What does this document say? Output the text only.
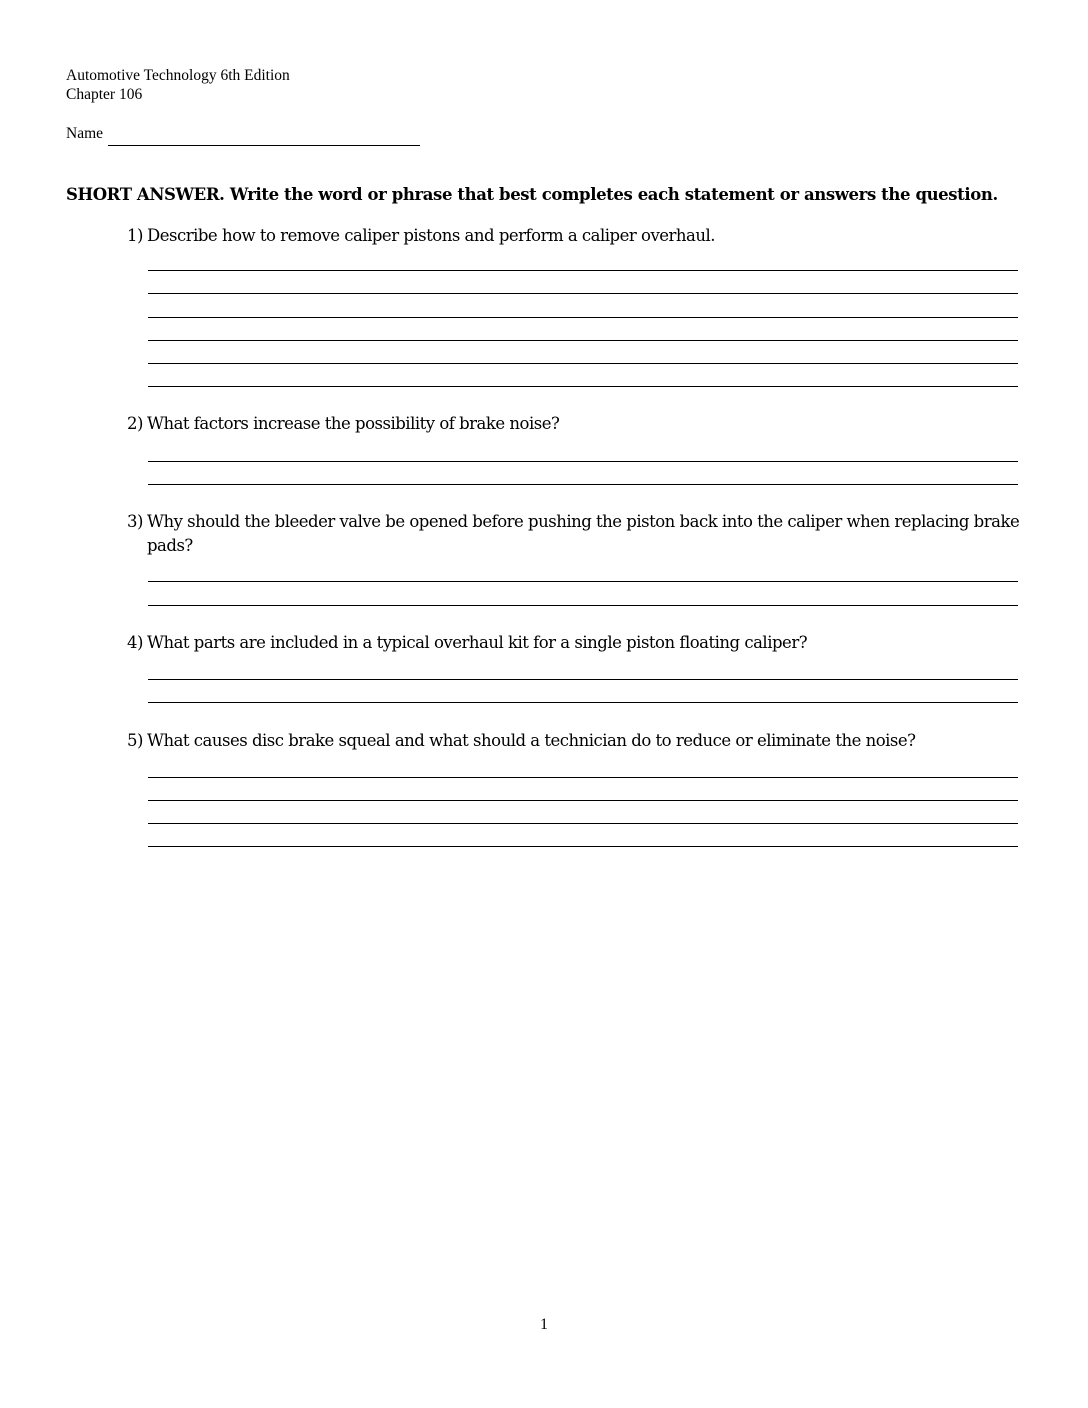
Automotive Technology 6th Edition
Chapter 106
Name
SHORT ANSWER. Write the word or phrase that best completes each statement or answers the question.
1) Describe how to remove caliper pistons and perform a caliper overhaul.
2) What factors increase the possibility of brake noise?
3) Why should the bleeder valve be opened before pushing the piston back into the caliper when replacing brake pads?
4) What parts are included in a typical overhaul kit for a single piston floating caliper?
5) What causes disc brake squeal and what should a technician do to reduce or eliminate the noise?
1
